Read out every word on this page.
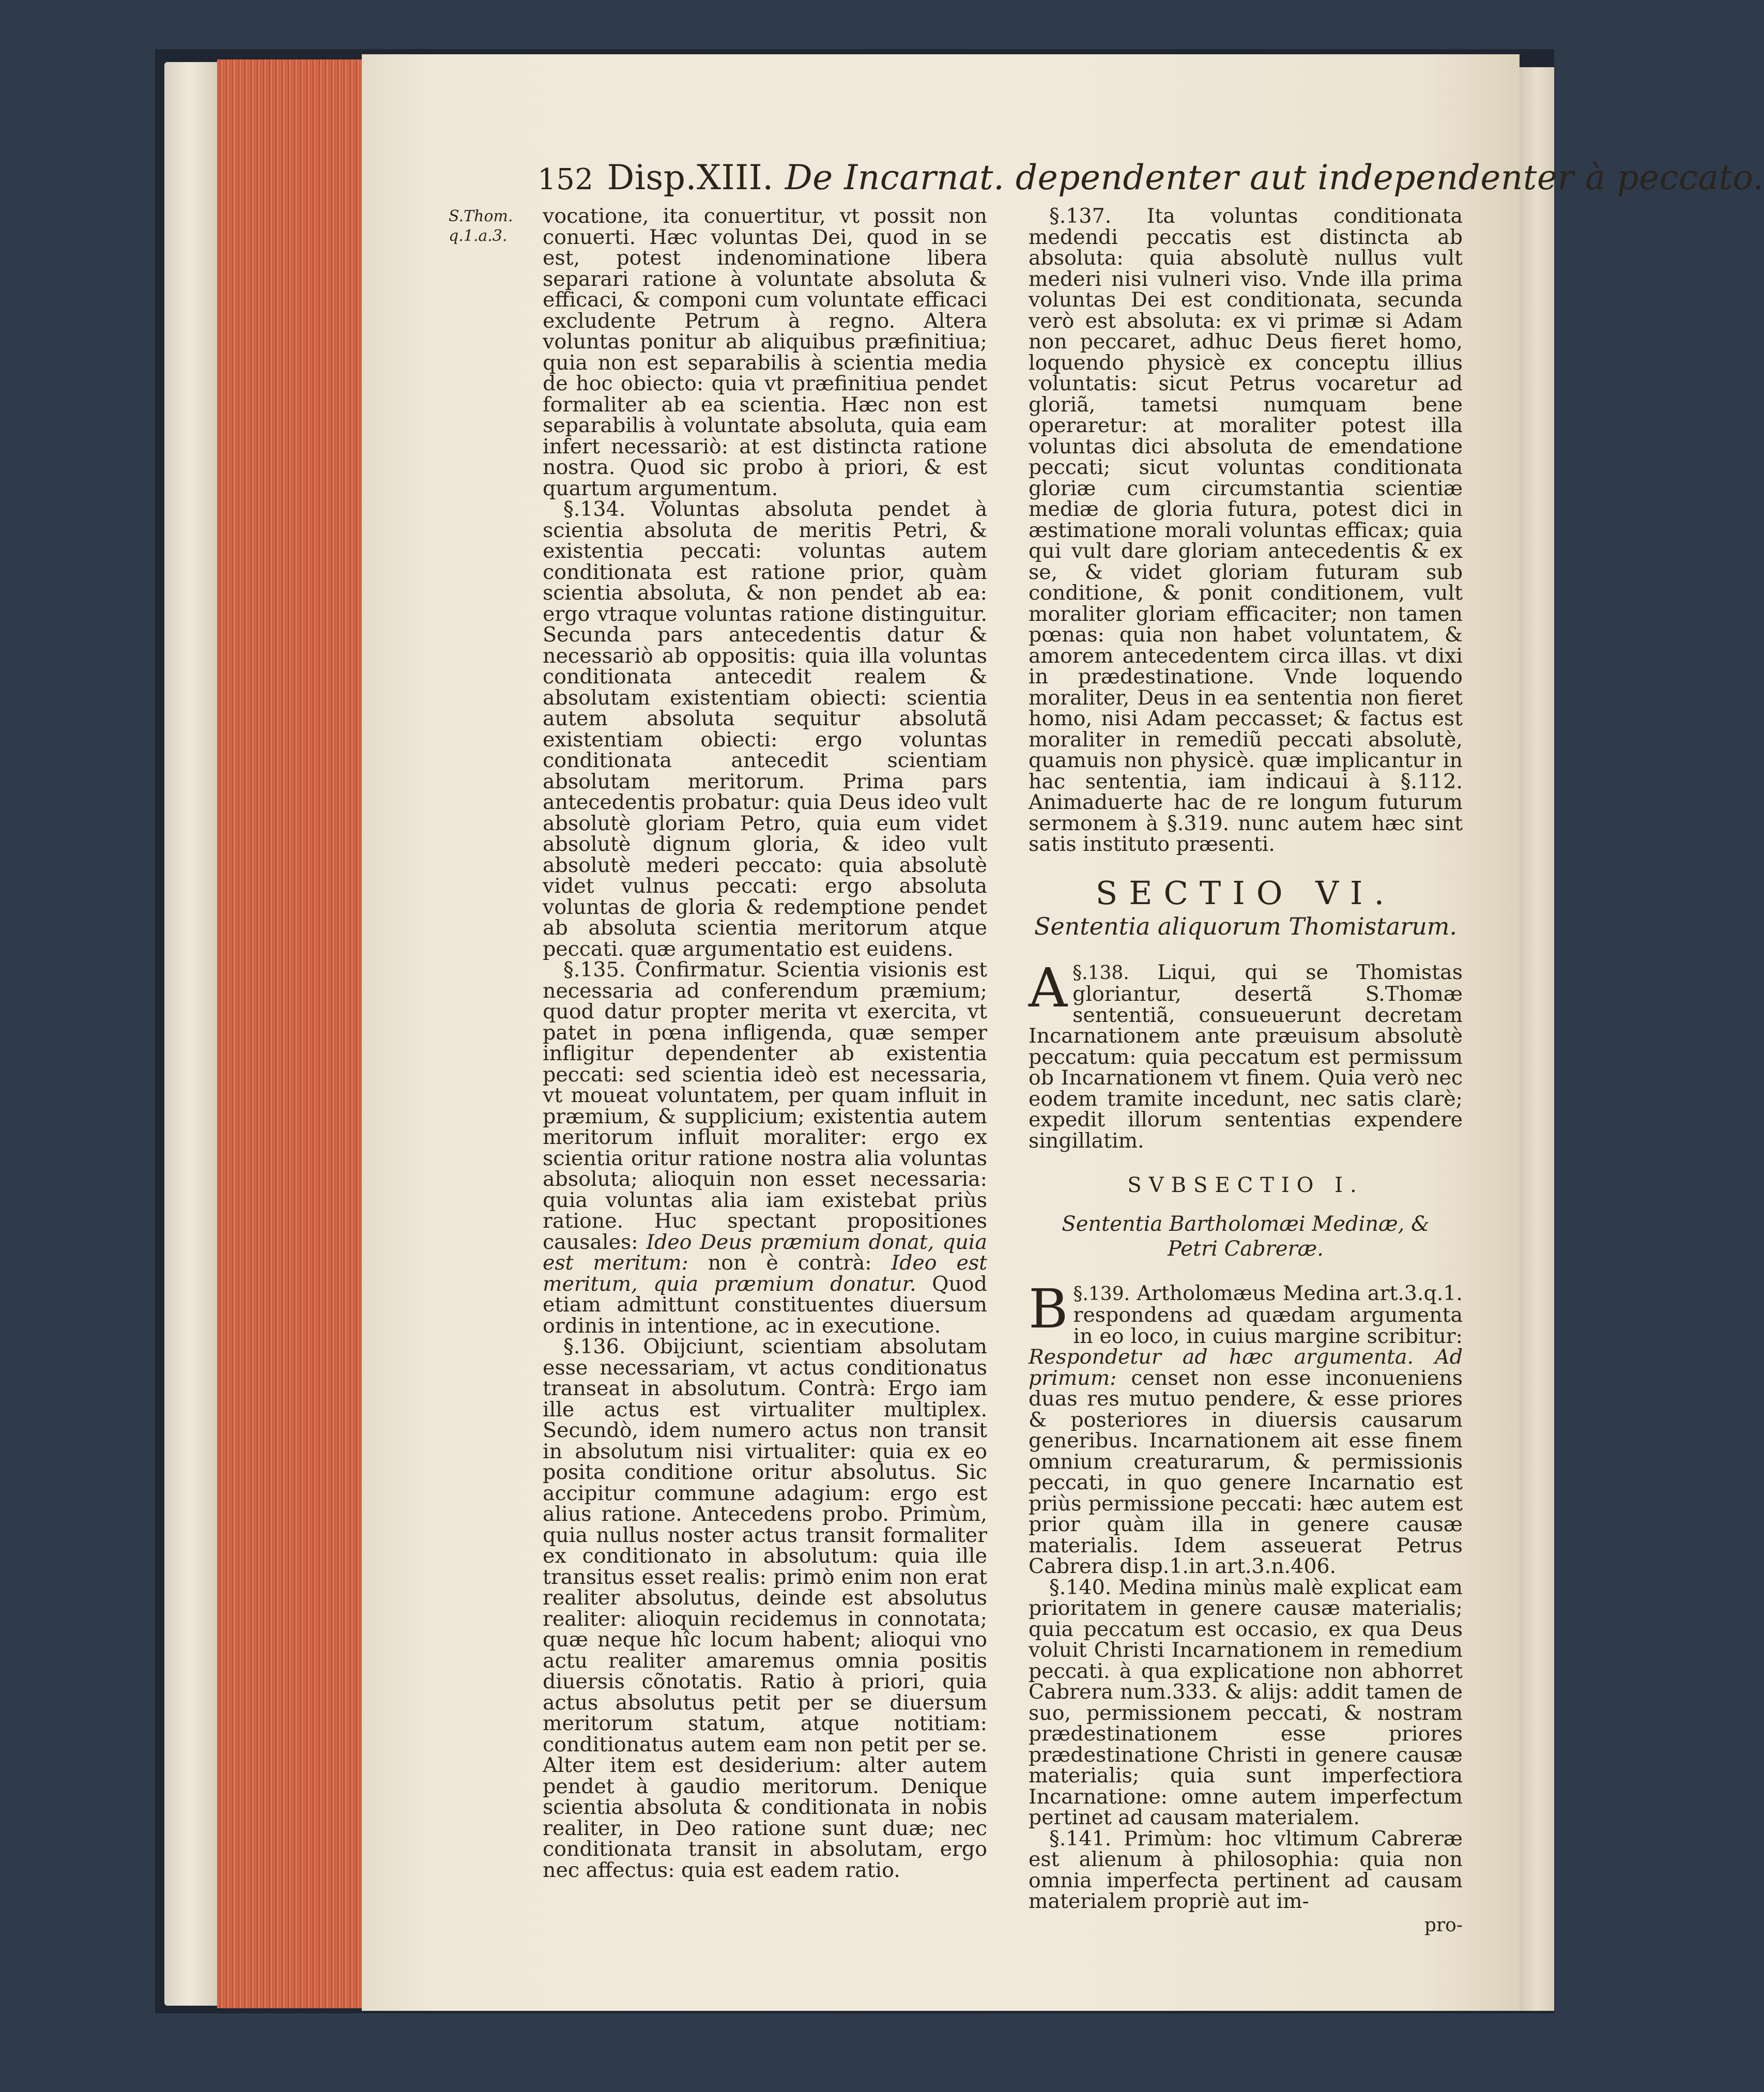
152 Disp.XIII. De Incarnat. dependenter aut independenter à peccato.
S.Thom. q.1.a.3.

vocatione, ita conuertitur, vt possit non conuerti. Hæc voluntas Dei, quod in se est, potest indenominatione libera separari ratione à voluntate absoluta & efficaci, & componi cum voluntate efficaci excludente Petrum à regno. Altera voluntas ponitur ab aliquibus præfinitiua; quia non est separabilis à scientia media de hoc obiecto: quia vt præfinitiua pendet formaliter ab ea scientia. Hæc non est separabilis à voluntate absoluta, quia eam infert necessariò: at est distincta ratione nostra. Quod sic probo à priori, & est quartum argumentum.

§.134. Voluntas absoluta pendet à scientia absoluta de meritis Petri, & existentia peccati: voluntas autem conditionata est ratione prior, quàm scientia absoluta, & non pendet ab ea: ergo vtraque voluntas ratione distinguitur. Secunda pars antecedentis datur & necessariò ab oppositis: quia illa voluntas conditionata antecedit realem & absolutam existentiam obiecti: scientia autem absoluta sequitur absolutã existentiam obiecti: ergo voluntas conditionata antecedit scientiam absolutam meritorum. Prima pars antecedentis probatur: quia Deus ideo vult absolutè gloriam Petro, quia eum videt absolutè dignum gloria, & ideo vult absolutè mederi peccato: quia absolutè videt vulnus peccati: ergo absoluta voluntas de gloria & redemptione pendet ab absoluta scientia meritorum atque peccati. quæ argumentatio est euidens.

§.135. Confirmatur. Scientia visionis est necessaria ad conferendum præmium; quod datur propter merita vt exercita, vt patet in pœna infligenda, quæ semper infligitur dependenter ab existentia peccati: sed scientia ideò est necessaria, vt moueat voluntatem, per quam influit in præmium, & supplicium; existentia autem meritorum influit moraliter: ergo ex scientia oritur ratione nostra alia voluntas absoluta; alioquin non esset necessaria: quia voluntas alia iam existebat priùs ratione. Huc spectant propositiones causales: Ideo Deus præmium donat, quia est meritum: non è contrà: Ideo est meritum, quia præmium donatur. Quod etiam admittunt constituentes diuersum ordinis in intentione, ac in executione.

§.136. Obijciunt, scientiam absolutam esse necessariam, vt actus conditionatus transeat in absolutum. Contrà: Ergo iam ille actus est virtualiter multiplex. Secundò, idem numero actus non transit in absolutum nisi virtualiter: quia ex eo posita conditione oritur absolutus. Sic accipitur commune adagium: ergo est alius ratione. Antecedens probo. Primùm, quia nullus noster actus transit formaliter ex conditionato in absolutum: quia ille transitus esset realis: primò enim non erat realiter absolutus, deinde est absolutus realiter: alioquin recidemus in connotata; quæ neque hîc locum habent; alioqui vno actu realiter amaremus omnia positis diuersis cõnotatis. Ratio à priori, quia actus absolutus petit per se diuersum meritorum statum, atque notitiam: conditionatus autem eam non petit per se. Alter item est desiderium: alter autem pendet à gaudio meritorum. Denique scientia absoluta & conditionata in nobis realiter, in Deo ratione sunt duæ; nec conditionata transit in absolutam, ergo nec affectus: quia est eadem ratio.

§.137. Ita voluntas conditionata medendi peccatis est distincta ab absoluta: quia absolutè nullus vult mederi nisi vulneri viso. Vnde illa prima voluntas Dei est conditionata, secunda verò est absoluta: ex vi primæ si Adam non peccaret, adhuc Deus fieret homo, loquendo physicè ex conceptu illius voluntatis: sicut Petrus vocaretur ad gloriã, tametsi numquam bene operaretur: at moraliter potest illa voluntas dici absoluta de emendatione peccati; sicut voluntas conditionata gloriæ cum circumstantia scientiæ mediæ de gloria futura, potest dici in æstimatione morali voluntas efficax; quia qui vult dare gloriam antecedentis & ex se, & videt gloriam futuram sub conditione, & ponit conditionem, vult moraliter gloriam efficaciter; non tamen pœnas: quia non habet voluntatem, & amorem antecedentem circa illas. vt dixi in prædestinatione. Vnde loquendo moraliter, Deus in ea sententia non fieret homo, nisi Adam peccasset; & factus est moraliter in remediũ peccati absolutè, quamuis non physicè. quæ implicantur in hac sententia, iam indicaui à §.112. Animaduerte hac de re longum futurum sermonem à §.319. nunc autem hæc sint satis instituto præsenti.

SECTIO VI.
Sententia aliquorum Thomistarum.

§.138.
A	Liqui, qui se Thomistas gloriantur, desertã S.Thomæ sententiã, consueuerunt decretam Incarnationem ante præuisum absolutè peccatum: quia peccatum est permissum ob Incarnationem vt finem. Quia verò nec eodem tramite incedunt, nec satis clarè; expedit illorum sententias expendere singillatim.

SVBSECTIO I.
Sententia Bartholomæi Medinæ, & Petri Cabreræ.

§.139.
B	Artholomæus Medina art.3.q.1. respondens ad quædam argumenta in eo loco, in cuius margine scribitur: Respondetur ad hæc argumenta. Ad primum: censet non esse inconueniens duas res mutuo pendere, & esse priores & posteriores in diuersis causarum generibus. Incarnationem ait esse finem omnium creaturarum, & permissionis peccati, in quo genere Incarnatio est priùs permissione peccati: hæc autem est prior quàm illa in genere causæ materialis. Idem asseuerat Petrus Cabrera disp.1.in art.3.n.406.

§.140. Medina minùs malè explicat eam prioritatem in genere causæ materialis; quia peccatum est occasio, ex qua Deus voluit Christi Incarnationem in remedium peccati. à qua explicatione non abhorret Cabrera num.333. & alijs: addit tamen de suo, permissionem peccati, & nostram prædestinationem esse priores prædestinatione Christi in genere causæ materialis; quia sunt imperfectiora Incarnatione: omne autem imperfectum pertinet ad causam materialem.

§.141. Primùm: hoc vltimum Cabreræ est alienum à philosophia: quia non omnia imperfecta pertinent ad causam materialem propriè aut im-

pro-
